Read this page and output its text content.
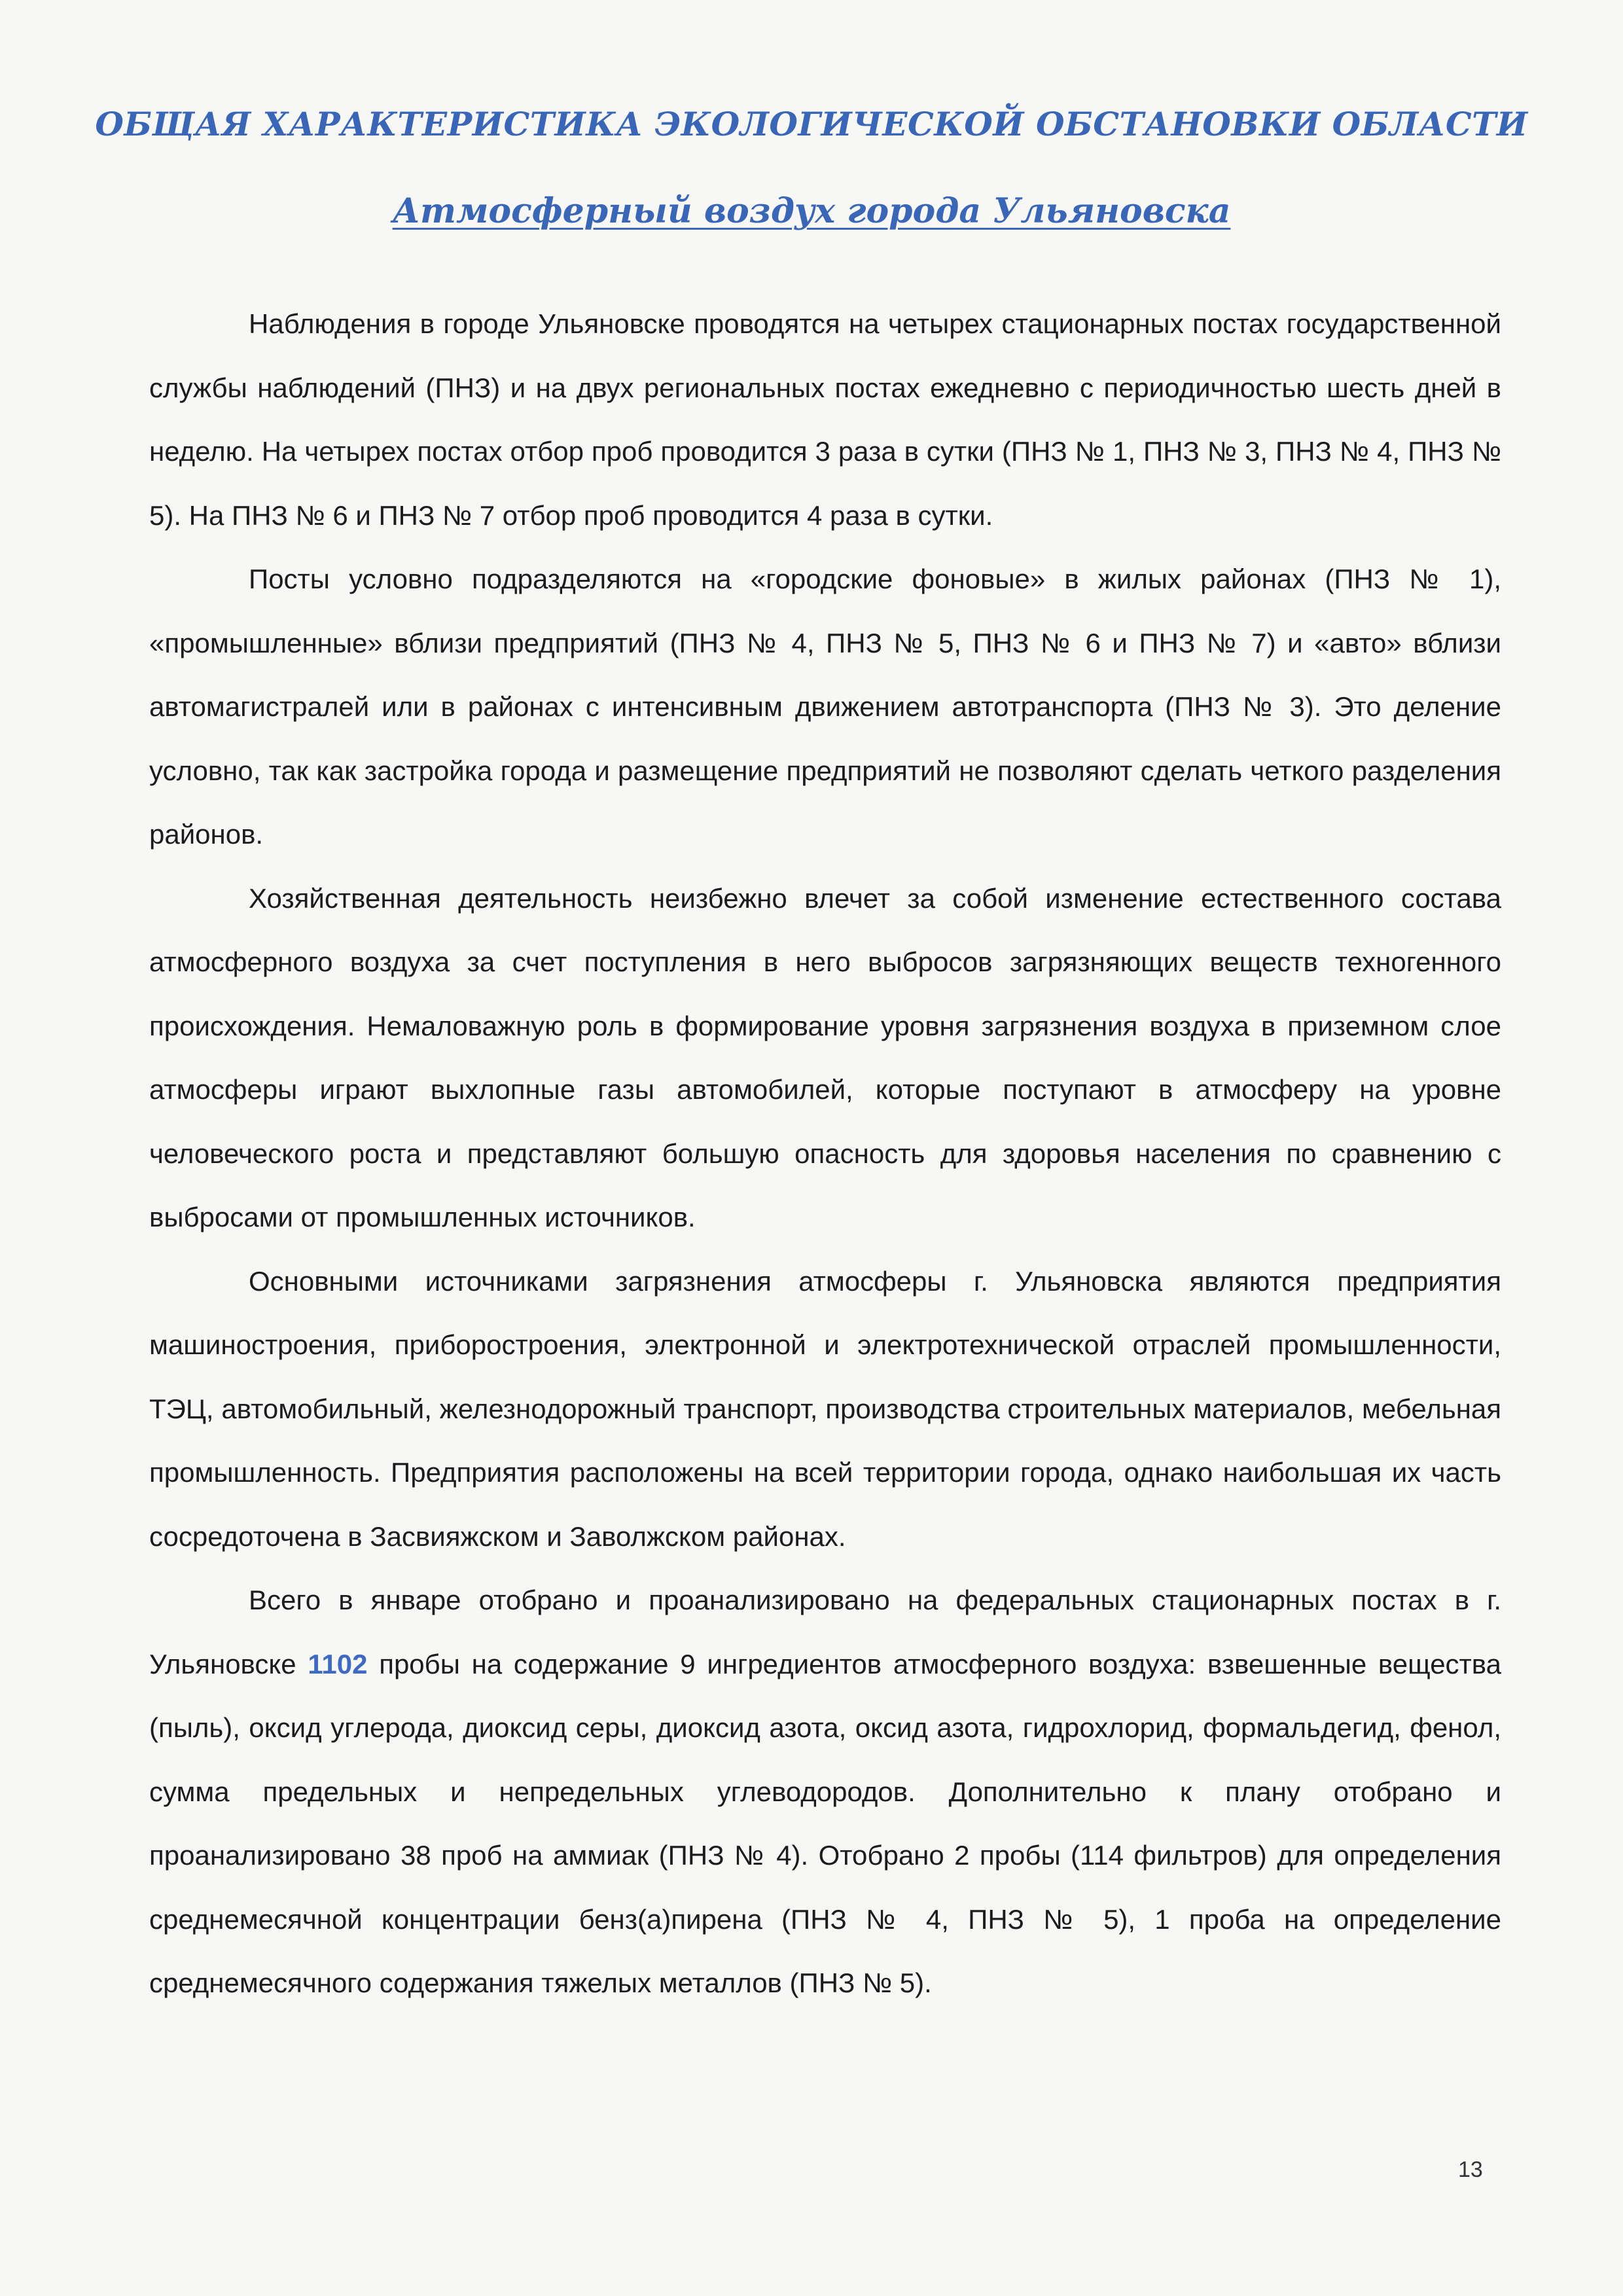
ОБЩАЯ ХАРАКТЕРИСТИКА ЭКОЛОГИЧЕСКОЙ ОБСТАНОВКИ ОБЛАСТИ
Атмосферный воздух города Ульяновска

Наблюдения в городе Ульяновске проводятся на четырех стационарных постах государственной службы наблюдений (ПНЗ) и на двух региональных постах ежедневно с периодичностью шесть дней в неделю. На четырех постах отбор проб проводится 3 раза в сутки (ПНЗ № 1, ПНЗ № 3, ПНЗ № 4, ПНЗ № 5). На ПНЗ № 6 и ПНЗ № 7 отбор проб проводится 4 раза в сутки.

Посты условно подразделяются на «городские фоновые» в жилых районах (ПНЗ № 1), «промышленные» вблизи предприятий (ПНЗ № 4, ПНЗ № 5, ПНЗ № 6 и ПНЗ № 7) и «авто» вблизи автомагистралей или в районах с интенсивным движением автотранспорта (ПНЗ № 3). Это деление условно, так как застройка города и размещение предприятий не позволяют сделать четкого разделения районов.

Хозяйственная деятельность неизбежно влечет за собой изменение естественного состава атмосферного воздуха за счет поступления в него выбросов загрязняющих веществ техногенного происхождения. Немаловажную роль в формирование уровня загрязнения воздуха в приземном слое атмосферы играют выхлопные газы автомобилей, которые поступают в атмосферу на уровне человеческого роста и представляют большую опасность для здоровья населения по сравнению с выбросами от промышленных источников.

Основными источниками загрязнения атмосферы г. Ульяновска являются предприятия машиностроения, приборостроения, электронной и электротехнической отраслей промышленности, ТЭЦ, автомобильный, железнодорожный транспорт, производства строительных материалов, мебельная промышленность. Предприятия расположены на всей территории города, однако наибольшая их часть сосредоточена в Засвияжском и Заволжском районах.

Всего в январе отобрано и проанализировано на федеральных стационарных постах в г. Ульяновске 1102 пробы на содержание 9 ингредиентов атмосферного воздуха: взвешенные вещества (пыль), оксид углерода, диоксид серы, диоксид азота, оксид азота, гидрохлорид, формальдегид, фенол, сумма предельных и непредельных углеводородов. Дополнительно к плану отобрано и проанализировано 38 проб на аммиак (ПНЗ № 4). Отобрано 2 пробы (114 фильтров) для определения среднемесячной концентрации бенз(а)пирена (ПНЗ № 4, ПНЗ № 5), 1 проба на определение среднемесячного содержания тяжелых металлов (ПНЗ № 5).

13
